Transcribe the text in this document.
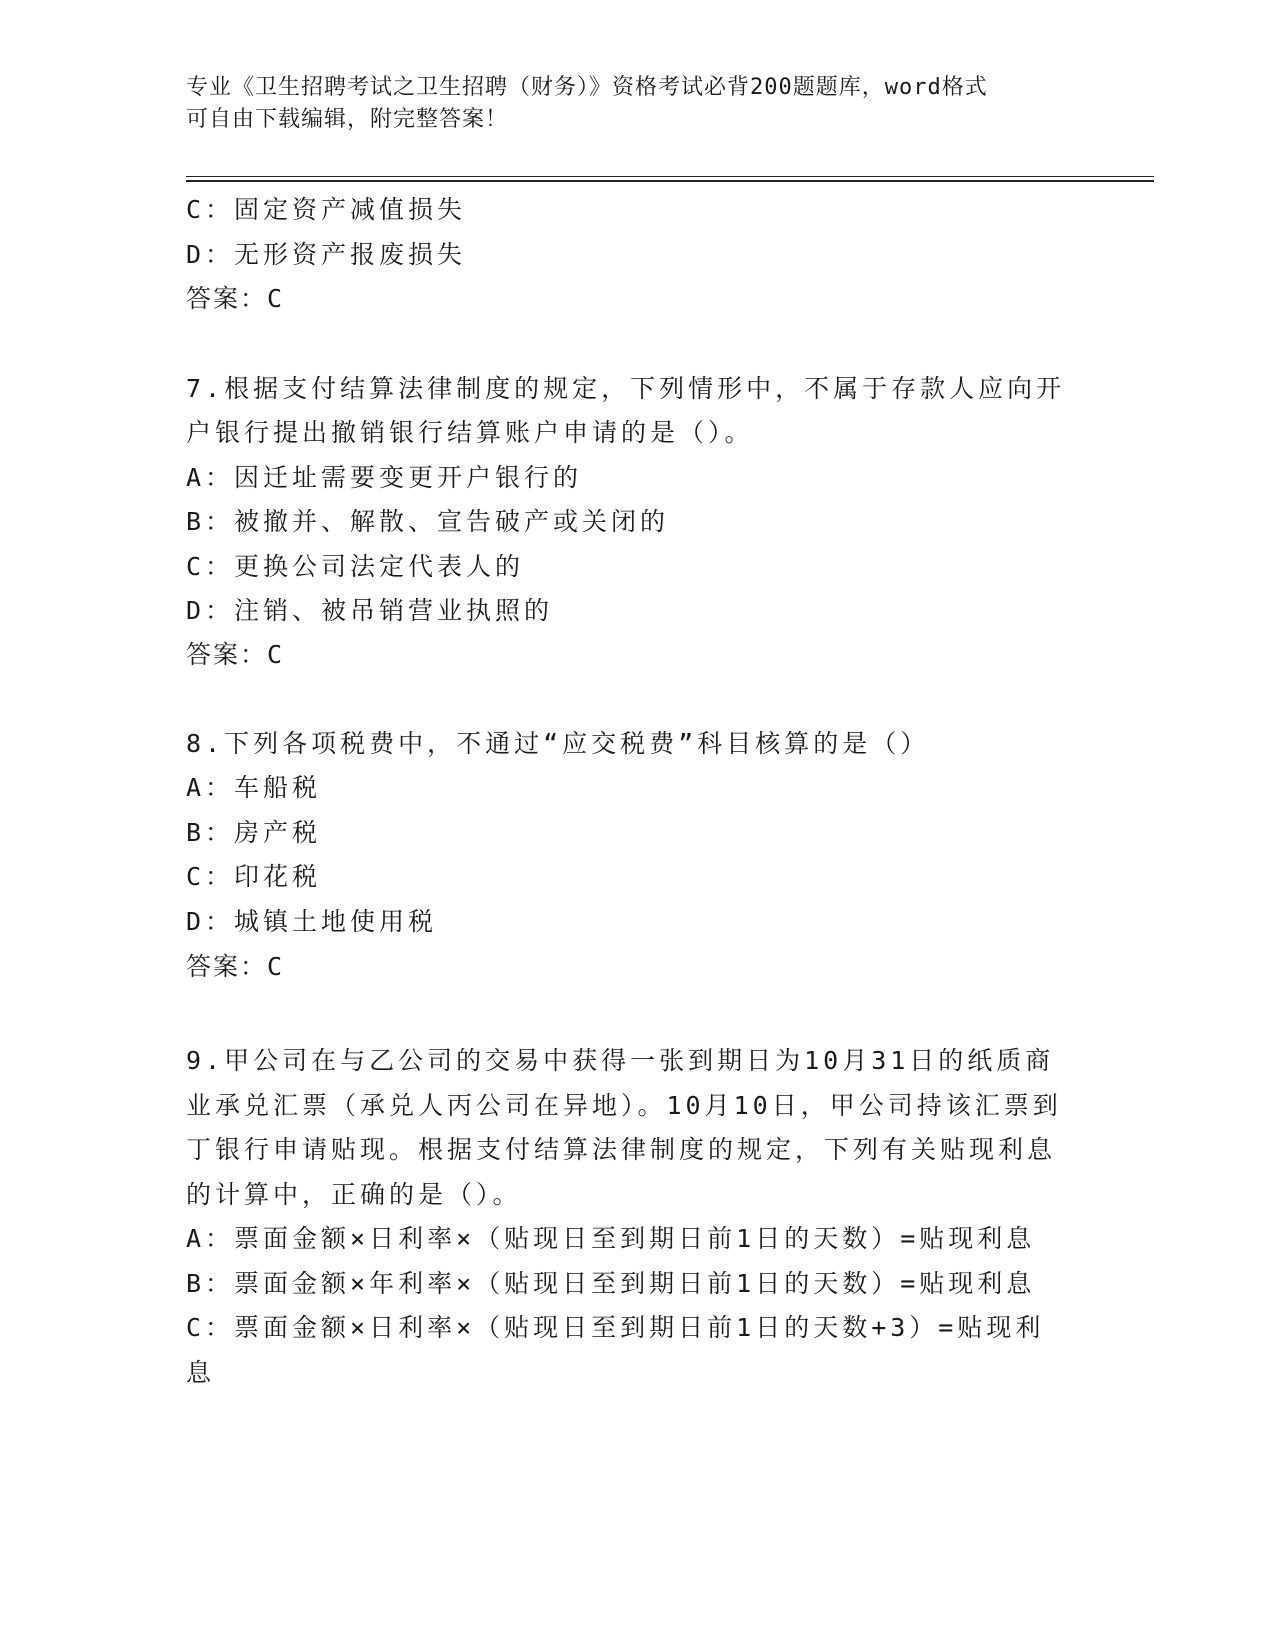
专业《卫生招聘考试之卫生招聘（财务）》资格考试必背200题题库，word格式
可自由下载编辑，附完整答案！
C：固定资产减值损失
D：无形资产报废损失
答案：C
7.根据支付结算法律制度的规定，下列情形中，不属于存款人应向开
户银行提出撤销银行结算账户申请的是（）。
A：因迁址需要变更开户银行的
B：被撤并、解散、宣告破产或关闭的
C：更换公司法定代表人的
D：注销、被吊销营业执照的
答案：C
8.下列各项税费中，不通过“应交税费”科目核算的是（）
A：车船税
B：房产税
C：印花税
D：城镇土地使用税
答案：C
9.甲公司在与乙公司的交易中获得一张到期日为10月31日的纸质商
业承兑汇票（承兑人丙公司在异地）。10月10日，甲公司持该汇票到
丁银行申请贴现。根据支付结算法律制度的规定，下列有关贴现利息
的计算中，正确的是（）。
A：票面金额×日利率×（贴现日至到期日前1日的天数）=贴现利息
B：票面金额×年利率×（贴现日至到期日前1日的天数）=贴现利息
C：票面金额×日利率×（贴现日至到期日前1日的天数+3）=贴现利
息
